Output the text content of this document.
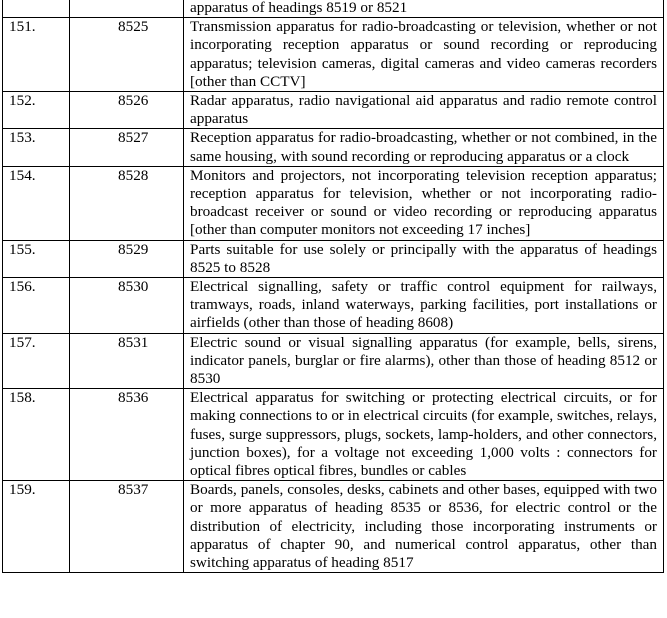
		apparatus of headings 8519 or 8521
151.	8525	Transmission apparatus for radio-broadcasting or television, whether or not incorporating reception apparatus or sound recording or reproducing apparatus; television cameras, digital cameras and video cameras recorders [other than CCTV]
152.	8526	Radar apparatus, radio navigational aid apparatus and radio remote control apparatus
153.	8527	Reception apparatus for radio-broadcasting, whether or not combined, in the same housing, with sound recording or reproducing apparatus or a clock
154.	8528	Monitors and projectors, not incorporating television reception apparatus; reception apparatus for television, whether or not incorporating radio-broadcast receiver or sound or video recording or reproducing apparatus [other than computer monitors not exceeding 17 inches]
155.	8529	Parts suitable for use solely or principally with the apparatus of headings 8525 to 8528
156.	8530	Electrical signalling, safety or traffic control equipment for railways, tramways, roads, inland waterways, parking facilities, port installations or airfields (other than those of heading 8608)
157.	8531	Electric sound or visual signalling apparatus (for example, bells, sirens, indicator panels, burglar or fire alarms), other than those of heading 8512 or 8530
158.	8536	Electrical apparatus for switching or protecting electrical circuits, or for making connections to or in electrical circuits (for example, switches, relays, fuses, surge suppressors, plugs, sockets, lamp-holders, and other connectors, junction boxes), for a voltage not exceeding 1,000 volts : connectors for optical fibres optical fibres, bundles or cables
159.	8537	Boards, panels, consoles, desks, cabinets and other bases, equipped with two or more apparatus of heading 8535 or 8536, for electric control or the distribution of electricity, including those incorporating instruments or apparatus of chapter 90, and numerical control apparatus, other than switching apparatus of heading 8517
